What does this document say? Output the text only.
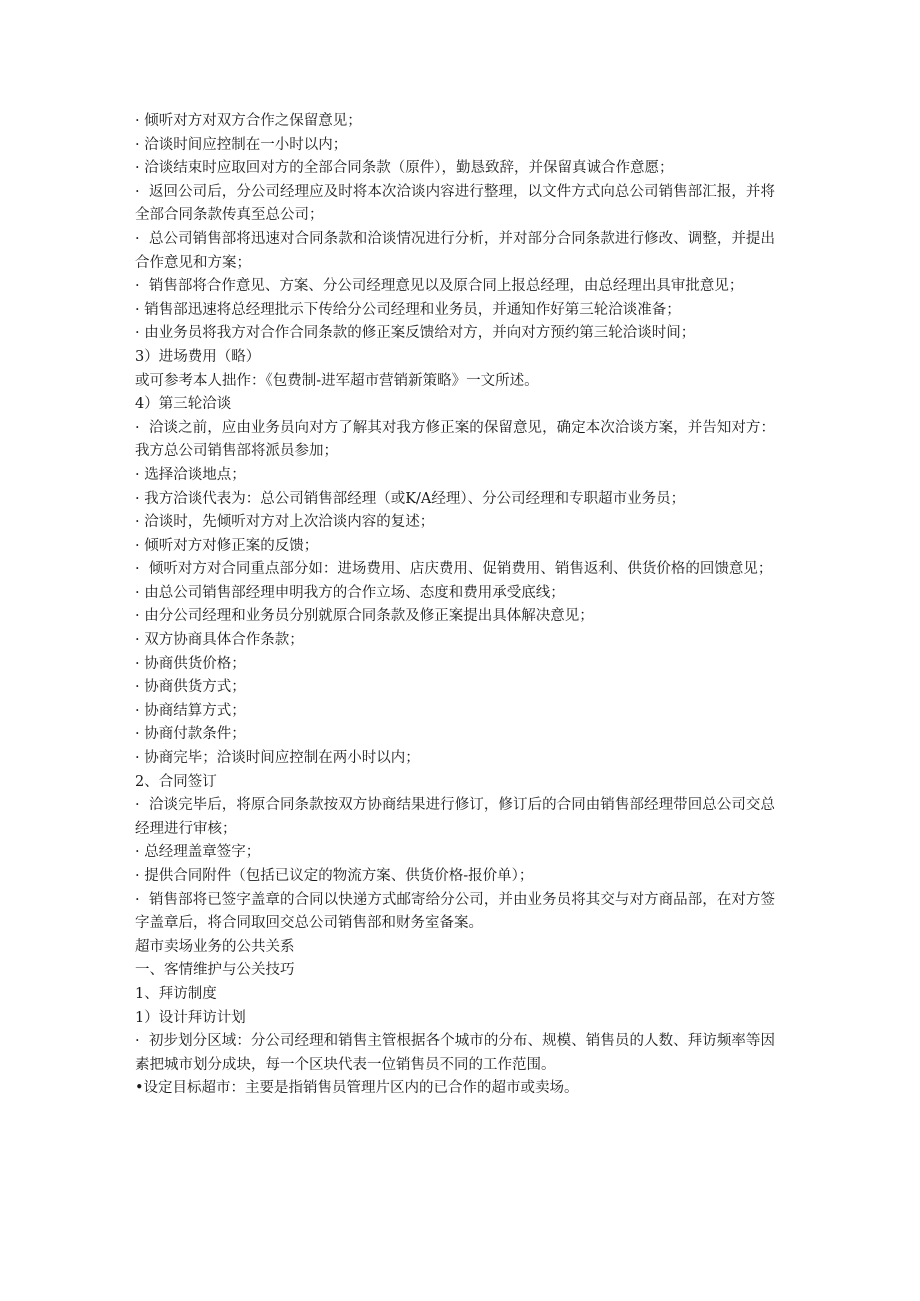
· 倾听对方对双方合作之保留意见；

· 洽谈时间应控制在一小时以内；

· 洽谈结束时应取回对方的全部合同条款（原件），勤恳致辞，并保留真诚合作意愿；

·  返回公司后，分公司经理应及时将本次洽谈内容进行整理，以文件方式向总公司销售部汇报，并将全部合同条款传真至总公司；

·  总公司销售部将迅速对合同条款和洽谈情况进行分析，并对部分合同条款进行修改、调整，并提出合作意见和方案；

·  销售部将合作意见、方案、分公司经理意见以及原合同上报总经理，由总经理出具审批意见；

· 销售部迅速将总经理批示下传给分公司经理和业务员，并通知作好第三轮洽谈准备；

· 由业务员将我方对合作合同条款的修正案反馈给对方，并向对方预约第三轮洽谈时间；

3）进场费用（略）

或可参考本人拙作：《包费制-进军超市营销新策略》一文所述。

4）第三轮洽谈

·  洽谈之前，应由业务员向对方了解其对我方修正案的保留意见，确定本次洽谈方案，并告知对方：我方总公司销售部将派员参加；

· 选择洽谈地点；

· 我方洽谈代表为：总公司销售部经理（或K/A经理）、分公司经理和专职超市业务员；

· 洽谈时，先倾听对方对上次洽谈内容的复述；

· 倾听对方对修正案的反馈；

·  倾听对方对合同重点部分如：进场费用、店庆费用、促销费用、销售返利、供货价格的回馈意见；

· 由总公司销售部经理申明我方的合作立场、态度和费用承受底线；

· 由分公司经理和业务员分别就原合同条款及修正案提出具体解决意见；

· 双方协商具体合作条款；

· 协商供货价格；

· 协商供货方式；

· 协商结算方式；

· 协商付款条件；

· 协商完毕；洽谈时间应控制在两小时以内；

2、合同签订

·  洽谈完毕后，将原合同条款按双方协商结果进行修订，修订后的合同由销售部经理带回总公司交总经理进行审核；

· 总经理盖章签字；

· 提供合同附件（包括已议定的物流方案、供货价格-报价单）；

·  销售部将已签字盖章的合同以快递方式邮寄给分公司，并由业务员将其交与对方商品部，在对方签字盖章后，将合同取回交总公司销售部和财务室备案。

超市卖场业务的公共关系

一、客情维护与公关技巧

1、拜访制度

1）设计拜访计划

·  初步划分区域：分公司经理和销售主管根据各个城市的分布、规模、销售员的人数、拜访频率等因素把城市划分成块，每一个区块代表一位销售员不同的工作范围。

•设定目标超市：主要是指销售员管理片区内的已合作的超市或卖场。
